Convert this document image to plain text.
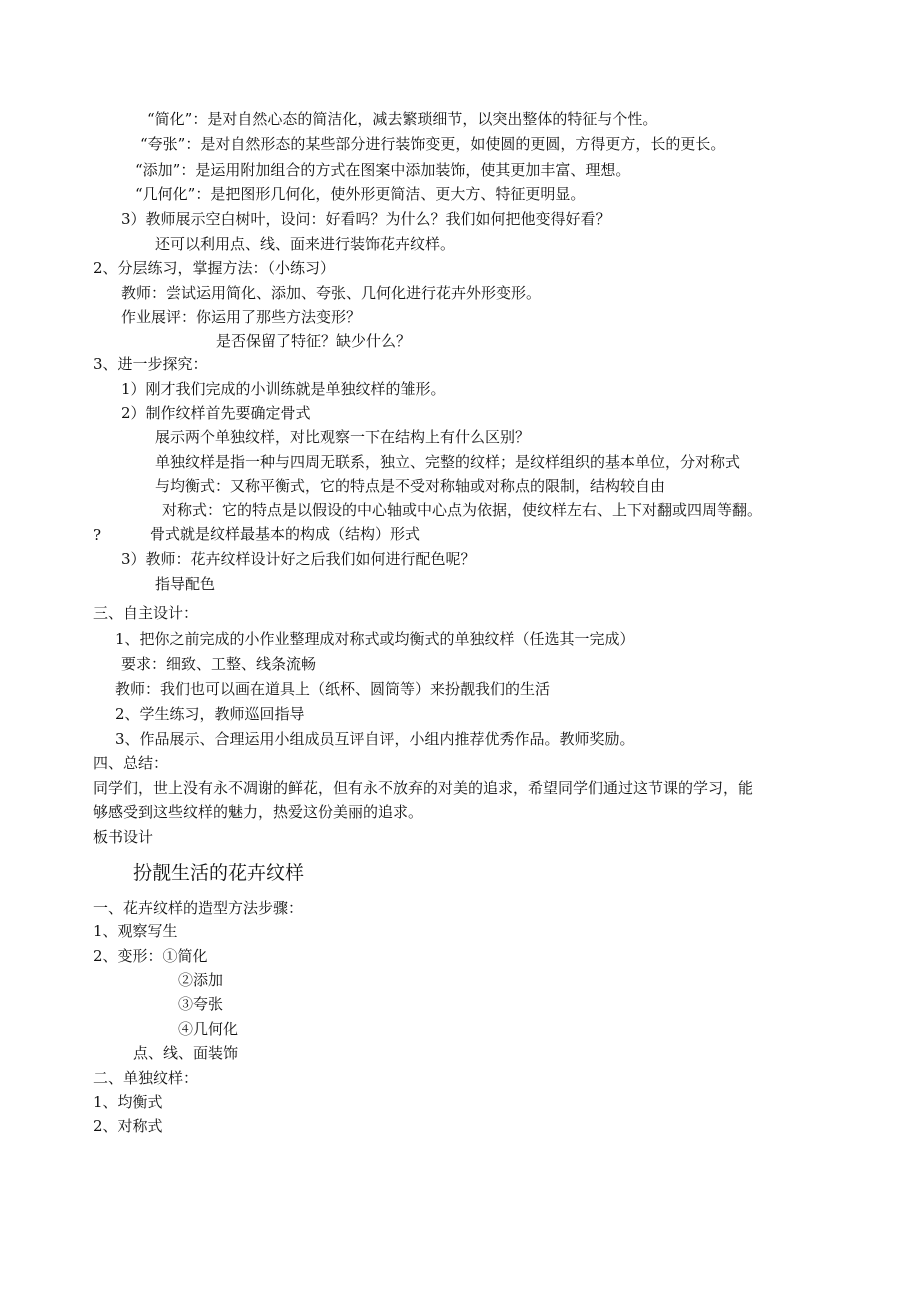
“简化”：是对自然心态的简洁化，减去繁琐细节，以突出整体的特征与个性。
“夸张”：是对自然形态的某些部分进行装饰变更，如使圆的更圆，方得更方，长的更长。
“添加”：是运用附加组合的方式在图案中添加装饰，使其更加丰富、理想。
“几何化”：是把图形几何化，使外形更简洁、更大方、特征更明显。
3）教师展示空白树叶，设问：好看吗？为什么？我们如何把他变得好看？
还可以利用点、线、面来进行装饰花卉纹样。
2、分层练习，掌握方法：（小练习）
教师：尝试运用简化、添加、夸张、几何化进行花卉外形变形。
作业展评：你运用了那些方法变形？
是否保留了特征？缺少什么？
3、进一步探究：
1）刚才我们完成的小训练就是单独纹样的雏形。
2）制作纹样首先要确定骨式
展示两个单独纹样，对比观察一下在结构上有什么区别？
单独纹样是指一种与四周无联系，独立、完整的纹样；是纹样组织的基本单位，分对称式
与均衡式：又称平衡式，它的特点是不受对称轴或对称点的限制，结构较自由
对称式：它的特点是以假设的中心轴或中心点为依据，使纹样左右、上下对翻或四周等翻。
?	骨式就是纹样最基本的构成（结构）形式
3）教师：花卉纹样设计好之后我们如何进行配色呢？
指导配色
三、自主设计：
1、把你之前完成的小作业整理成对称式或均衡式的单独纹样（任选其一完成）
要求：细致、工整、线条流畅
教师：我们也可以画在道具上（纸杯、圆筒等）来扮靓我们的生活
2、学生练习，教师巡回指导
3、作品展示、合理运用小组成员互评自评，小组内推荐优秀作品。教师奖励。
四、总结：
同学们，世上没有永不凋谢的鲜花，但有永不放弃的对美的追求，希望同学们通过这节课的学习，能
够感受到这些纹样的魅力，热爱这份美丽的追求。
板书设计
扮靓生活的花卉纹样
一、花卉纹样的造型方法步骤：
1、观察写生
2、变形：①简化
②添加
③夸张
④几何化
点、线、面装饰
二、单独纹样：
1、均衡式
2、对称式
